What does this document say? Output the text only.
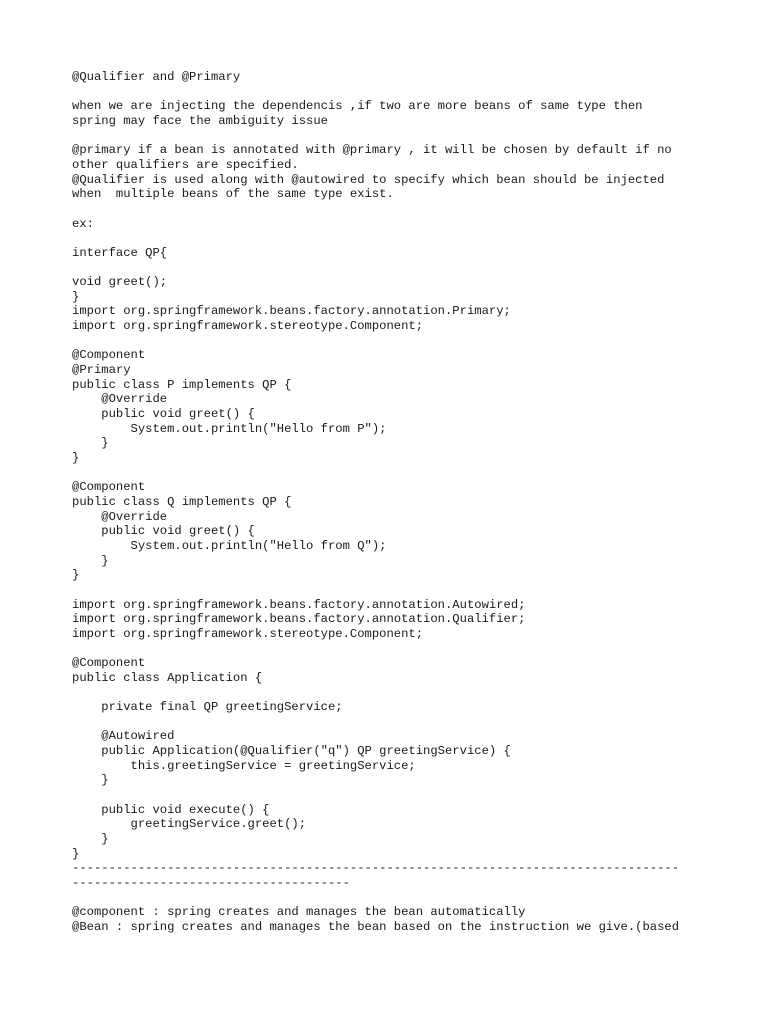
@Qualifier and @Primary
when we are injecting the dependencis ,if two are more beans of same type then
spring may face the ambiguity issue
@primary if a bean is annotated with @primary , it will be chosen by default if no
other qualifiers are specified.
@Qualifier is used along with @autowired to specify which bean should be injected
when  multiple beans of the same type exist.
ex:
interface QP{
void greet();
}
import org.springframework.beans.factory.annotation.Primary;
import org.springframework.stereotype.Component;
@Component
@Primary
public class P implements QP {
@Override
public void greet() {
System.out.println("Hello from P");
}
}
@Component
public class Q implements QP {
@Override
public void greet() {
System.out.println("Hello from Q");
}
}
import org.springframework.beans.factory.annotation.Autowired;
import org.springframework.beans.factory.annotation.Qualifier;
import org.springframework.stereotype.Component;
@Component
public class Application {
private final QP greetingService;
@Autowired
public Application(@Qualifier("q") QP greetingService) {
this.greetingService = greetingService;
}
public void execute() {
greetingService.greet();
}
}
-----------------------------------------------------------------------------------
--------------------------------------
@component : spring creates and manages the bean automatically
@Bean : spring creates and manages the bean based on the instruction we give.(based
